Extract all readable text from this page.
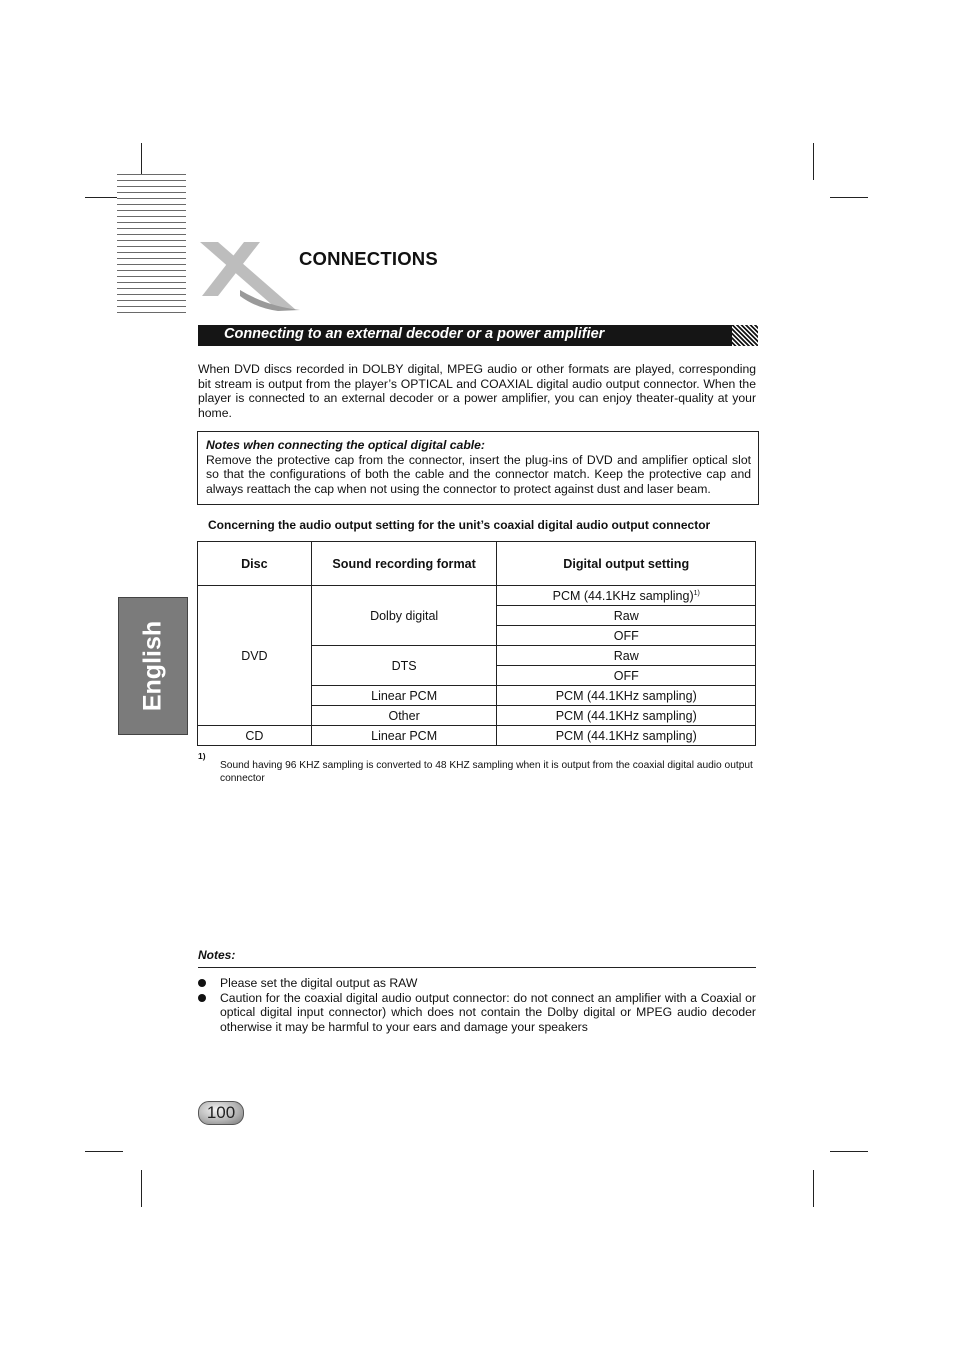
CONNECTIONS
Connecting to an external decoder or a power amplifier
When DVD discs recorded in DOLBY digital, MPEG audio or other formats are played, corresponding bit stream is output from the player’s OPTICAL and COAXIAL digital audio output connector. When the player is connected to an external decoder or a power amplifier, you can enjoy theater-quality at your home.
Notes when connecting the optical digital cable:
Remove the protective cap from the connector, insert the plug-ins of DVD and amplifier optical slot so that the configurations of both the cable and the connector match. Keep the protective cap and always reattach the cap when not using the connector to protect against dust and laser beam.
Concerning the audio output setting for the unit’s coaxial digital audio output connector
Disc	Sound recording format	Digital output setting
DVD	Dolby digital	PCM (44.1KHz sampling)$^{1)}$
		Raw
		OFF
	DTS	Raw
		OFF
	Linear PCM	PCM (44.1KHz sampling)
	Other	PCM (44.1KHz sampling)
CD	Linear PCM	PCM (44.1KHz sampling)
1)
Sound having 96 KHZ sampling is converted to 48 KHZ sampling when it is output from the coaxial digital audio output connector
English
Notes:
Please set the digital output as RAW
Caution for the coaxial digital audio output connector: do not connect an amplifier with a Coaxial or optical digital input connector) which does not contain the Dolby digital or MPEG audio decoder otherwise it may be harmful to your ears and damage your speakers
100
